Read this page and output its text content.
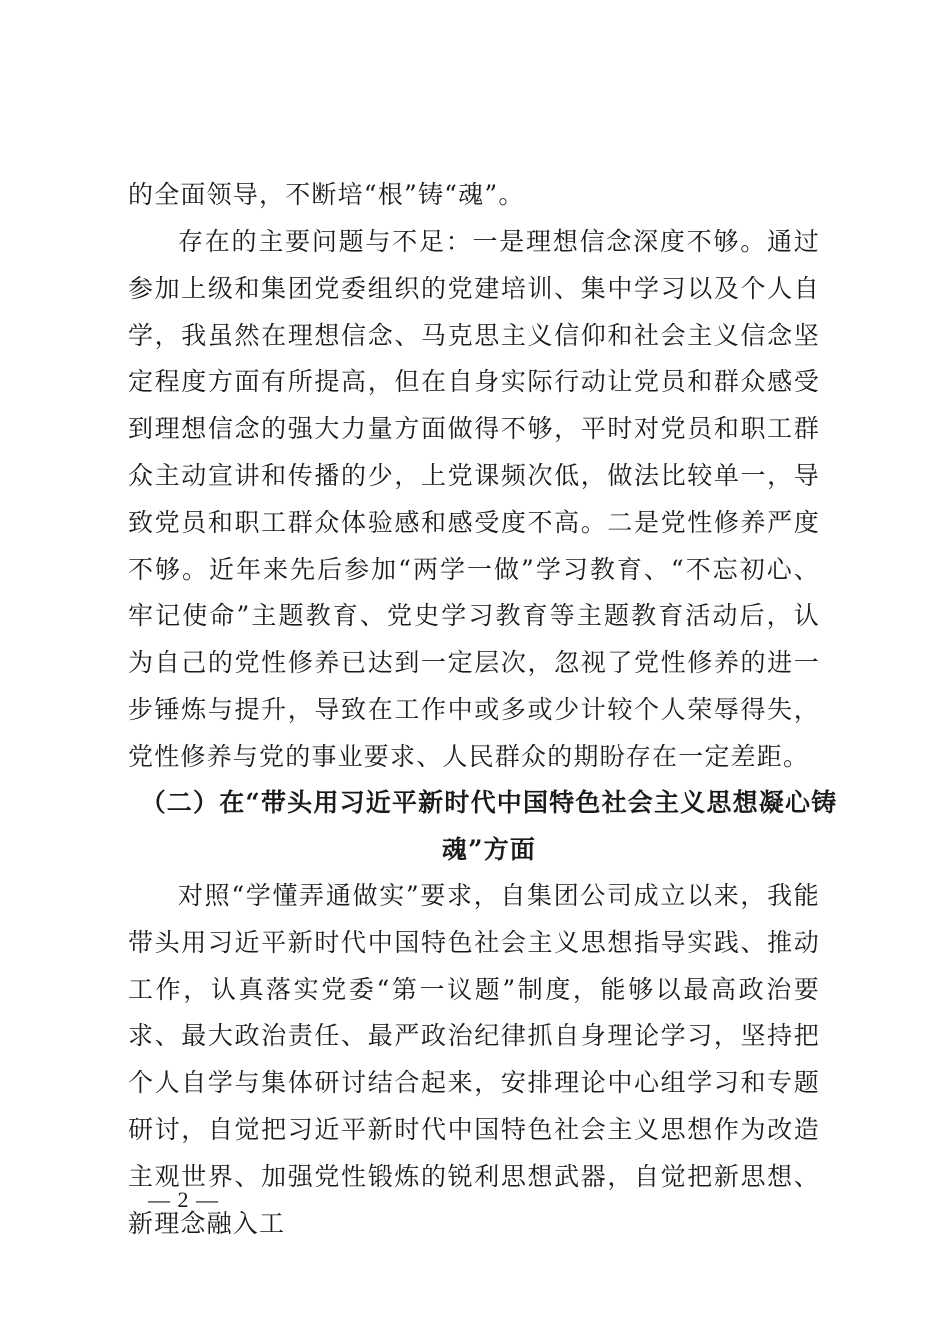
的全面领导，不断培“根”铸“魂”。

存在的主要问题与不足：一是理想信念深度不够。通过参加上级和集团党委组织的党建培训、集中学习以及个人自学，我虽然在理想信念、马克思主义信仰和社会主义信念坚定程度方面有所提高，但在自身实际行动让党员和群众感受到理想信念的强大力量方面做得不够，平时对党员和职工群众主动宣讲和传播的少，上党课频次低，做法比较单一，导致党员和职工群众体验感和感受度不高。二是党性修养严度不够。近年来先后参加“两学一做”学习教育、“不忘初心、牢记使命”主题教育、党史学习教育等主题教育活动后，认为自己的党性修养已达到一定层次，忽视了党性修养的进一步锤炼与提升，导致在工作中或多或少计较个人荣辱得失，党性修养与党的事业要求、人民群众的期盼存在一定差距。

（二）在“带头用习近平新时代中国特色社会主义思想凝心铸魂”方面

对照“学懂弄通做实”要求，自集团公司成立以来，我能带头用习近平新时代中国特色社会主义思想指导实践、推动工作，认真落实党委“第一议题”制度，能够以最高政治要求、最大政治责任、最严政治纪律抓自身理论学习，坚持把个人自学与集体研讨结合起来，安排理论中心组学习和专题研讨，自觉把习近平新时代中国特色社会主义思想作为改造主观世界、加强党性锻炼的锐利思想武器，自觉把新思想、新理念融入工

— 2 —
